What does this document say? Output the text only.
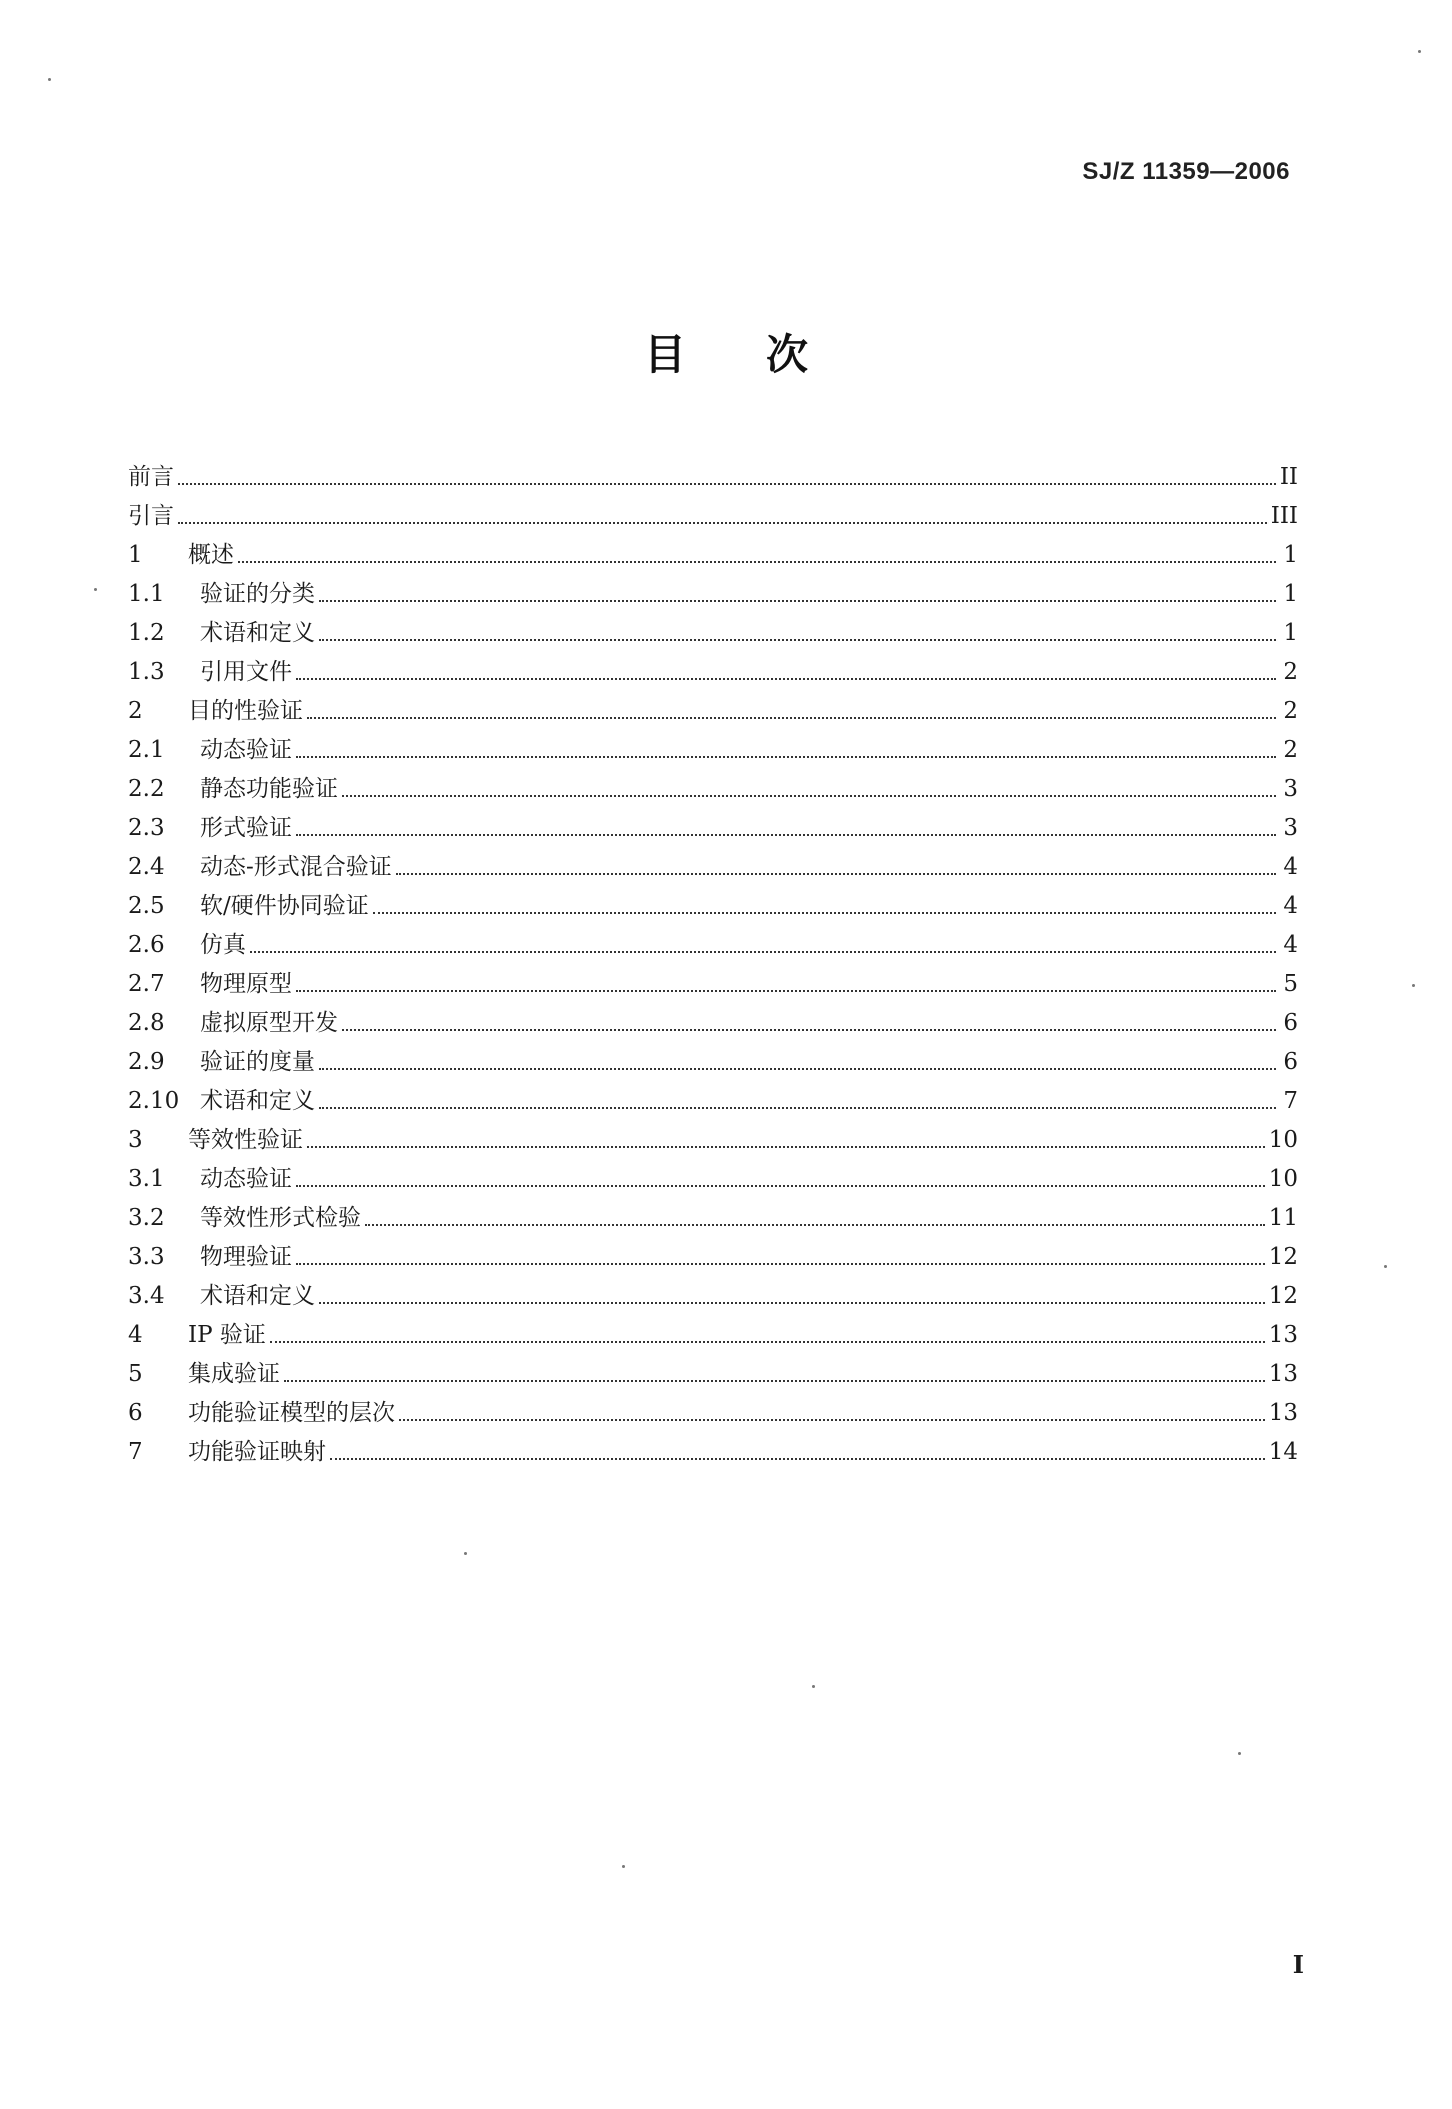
SJ/Z 11359—2006
目 次
前言	II
引言	III
1	概述	1
1.1	验证的分类	1
1.2	术语和定义	1
1.3	引用文件	2
2	目的性验证	2
2.1	动态验证	2
2.2	静态功能验证	3
2.3	形式验证	3
2.4	动态-形式混合验证	4
2.5	软/硬件协同验证	4
2.6	仿真	4
2.7	物理原型	5
2.8	虚拟原型开发	6
2.9	验证的度量	6
2.10 术语和定义	7
3	等效性验证	10
3.1	动态验证	10
3.2	等效性形式检验	11
3.3	物理验证	12
3.4	术语和定义	12
4	IP 验证	13
5	集成验证	13
6	功能验证模型的层次	13
7	功能验证映射	14
I
